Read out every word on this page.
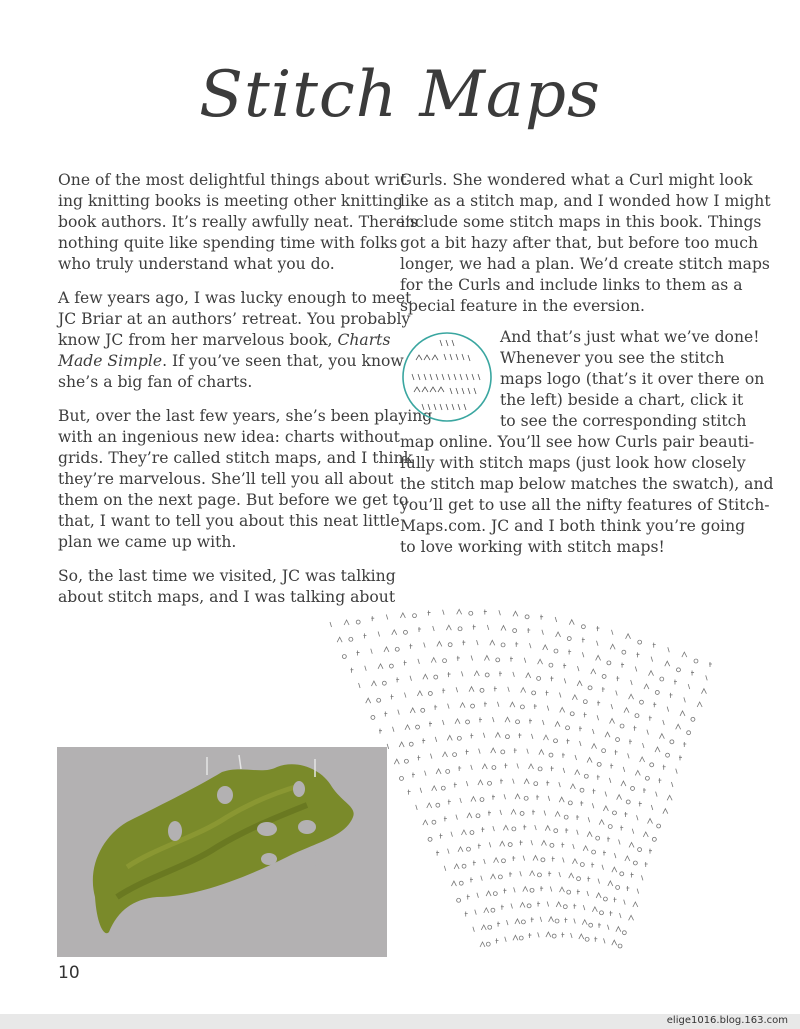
Stitch Maps

One of the most delightful things about writ-
ing knitting books is meeting other knitting
book authors. It’s really awfully neat. There’s
nothing quite like spending time with folks
who truly understand what you do.

A few years ago, I was lucky enough to meet
JC Briar at an authors’ retreat. You probably
know JC from her marvelous book, Charts
Made Simple. If you’ve seen that, you know
she’s a big fan of charts.

But, over the last few years, she’s been playing
with an ingenious new idea: charts without
grids. They’re called stitch maps, and I think
they’re marvelous. She’ll tell you all about
them on the next page. But before we get to
that, I want to tell you about this neat little
plan we came up with.

So, the last time we visited, JC was talking
about stitch maps, and I was talking about

Curls. She wondered what a Curl might look
like as a stitch map, and I wonded how I might
include some stitch maps in this book. Things
got a bit hazy after that, but before too much
longer, we had a plan. We’d create stitch maps
for the Curls and include links to them as a
special feature in the eversion.

And that’s just what we’ve done!
Whenever you see the stitch
maps logo (that’s it over there on
the left) beside a chart, click it
to see the corresponding stitch
map online. You’ll see how Curls pair beauti-
fully with stitch maps (just look how closely
the stitch map below matches the swatch), and
you’ll get to use all the nifty features of Stitch-
Maps.com. JC and I both think you’re going
to love working with stitch maps!

10
elige1016.blog.163.com
